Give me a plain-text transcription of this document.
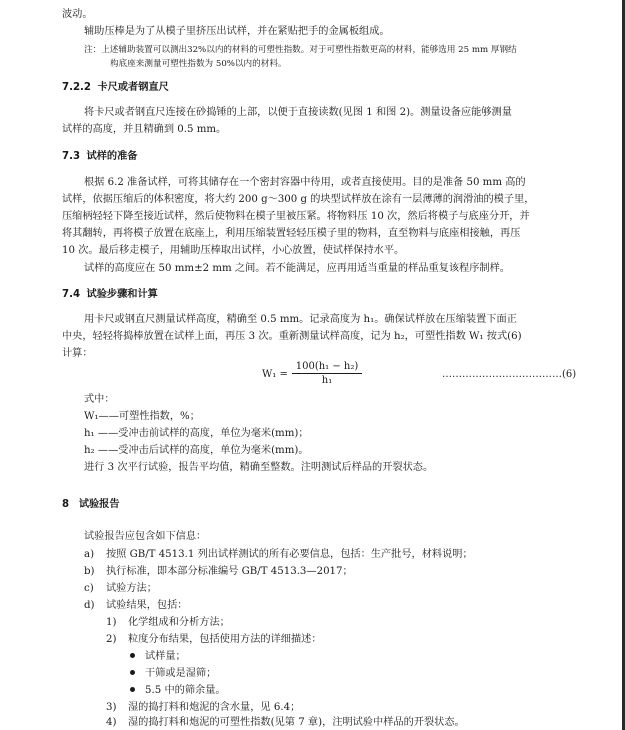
波动。
辅助压棒是为了从模子里挤压出试样，并在紧贴把手的金属板组成。
注：上述辅助装置可以测出32%以内的材料的可塑性指数。对于可塑性指数更高的材料，能够选用 25 mm 厚钢结
构底座来测量可塑性指数为 50%以内的材料。
7.2.2 卡尺或者钢直尺
将卡尺或者钢直尺连接在砂捣锤的上部，以便于直接读数(见图 1 和图 2)。测量设备应能够测量
试样的高度，并且精确到 0.5 mm。
7.3 试样的准备
根据 6.2 准备试样，可将其储存在一个密封容器中待用，或者直接使用。目的是准备 50 mm 高的
试样，依据压缩后的体积密度，将大约 200 g～300 g 的块型试样放在涂有一层薄薄的润滑油的模子里，
压缩柄轻轻下降至接近试样，然后使物料在模子里被压紧。将物料压 10 次，然后将模子与底座分开，并
将其翻转，再将模子放置在底座上，利用压缩装置轻轻压模子里的物料，直至物料与底座相接触，再压
10 次。最后移走模子，用辅助压棒取出试样，小心放置，使试样保持水平。
试样的高度应在 50 mm±2 mm 之间。若不能满足，应再用适当重量的样品重复该程序制样。
7.4 试验步骤和计算
用卡尺或钢直尺测量试样高度，精确至 0.5 mm。记录高度为 h₁。确保试样放在压缩装置下面正
中央，轻轻将捣棒放置在试样上面，再压 3 次。重新测量试样高度，记为 h₂，可塑性指数 W₁ 按式(6)
计算：
W₁ =
100(h₁ − h₂)
h₁
………………………………(6)
式中：
W₁——可塑性指数，%；
h₁ ——受冲击前试样的高度，单位为毫米(mm)；
h₂ ——受冲击后试样的高度，单位为毫米(mm)。
进行 3 次平行试验，报告平均值，精确至整数。注明测试后样品的开裂状态。
8 试验报告
试验报告应包含如下信息：
a) 按照 GB/T 4513.1 列出试样测试的所有必要信息，包括：生产批号，材料说明；
b) 执行标准，即本部分标准编号 GB/T 4513.3—2017；
c) 试验方法；
d) 试验结果，包括：
1) 化学组成和分析方法；
2) 粒度分布结果，包括使用方法的详细描述：
试样量；
干筛或是湿筛；
5.5 中的筛余量。
3) 湿的捣打料和炮泥的含水量，见 6.4；
4) 湿的捣打料和炮泥的可塑性指数(见第 7 章)，注明试验中样品的开裂状态。
